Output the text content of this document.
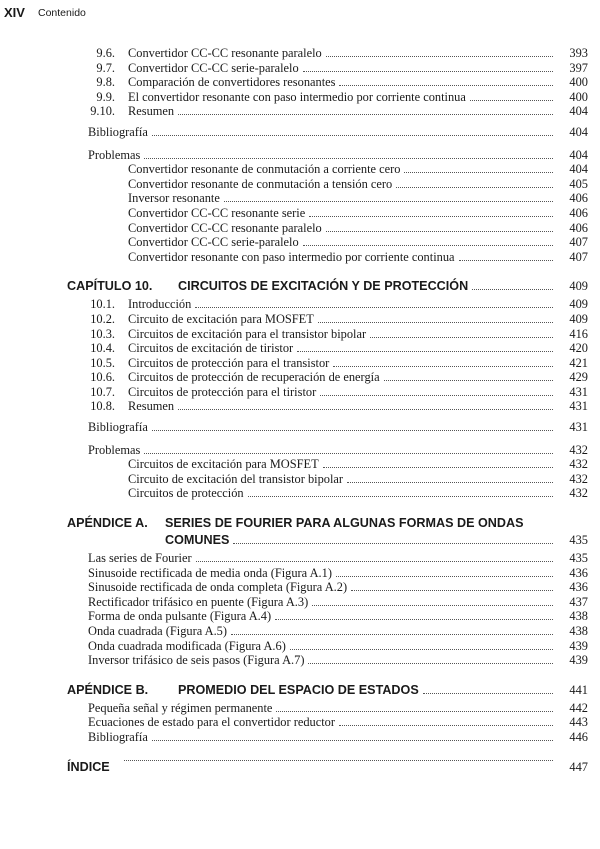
XIV Contenido
9.6. Convertidor CC-CC resonante paralelo	393
9.7. Convertidor CC-CC serie-paralelo	397
9.8. Comparación de convertidores resonantes	400
9.9. El convertidor resonante con paso intermedio por corriente continua	400
9.10. Resumen	404
Bibliografía	404
Problemas	404
Convertidor resonante de conmutación a corriente cero	404
Convertidor resonante de conmutación a tensión cero	405
Inversor resonante	406
Convertidor CC-CC resonante serie	406
Convertidor CC-CC resonante paralelo	406
Convertidor CC-CC serie-paralelo	407
Convertidor resonante con paso intermedio por corriente continua	407
CAPÍTULO 10. CIRCUITOS DE EXCITACIÓN Y DE PROTECCIÓN	409
10.1. Introducción	409
10.2. Circuito de excitación para MOSFET	409
10.3. Circuitos de excitación para el transistor bipolar	416
10.4. Circuitos de excitación de tiristor	420
10.5. Circuitos de protección para el transistor	421
10.6. Circuitos de protección de recuperación de energía	429
10.7. Circuitos de protección para el tiristor	431
10.8. Resumen	431
Bibliografía	431
Problemas	432
Circuitos de excitación para MOSFET	432
Circuito de excitación del transistor bipolar	432
Circuitos de protección	432
APÉNDICE A. SERIES DE FOURIER PARA ALGUNAS FORMAS DE ONDAS
COMUNES	435
Las series de Fourier	435
Sinusoide rectificada de media onda (Figura A.1)	436
Sinusoide rectificada de onda completa (Figura A.2)	436
Rectificador trifásico en puente (Figura A.3)	437
Forma de onda pulsante (Figura A.4)	438
Onda cuadrada (Figura A.5)	438
Onda cuadrada modificada (Figura A.6)	439
Inversor trifásico de seis pasos (Figura A.7)	439
APÉNDICE B. PROMEDIO DEL ESPACIO DE ESTADOS	441
Pequeña señal y régimen permanente	442
Ecuaciones de estado para el convertidor reductor	443
Bibliografía	446
ÍNDICE	447
